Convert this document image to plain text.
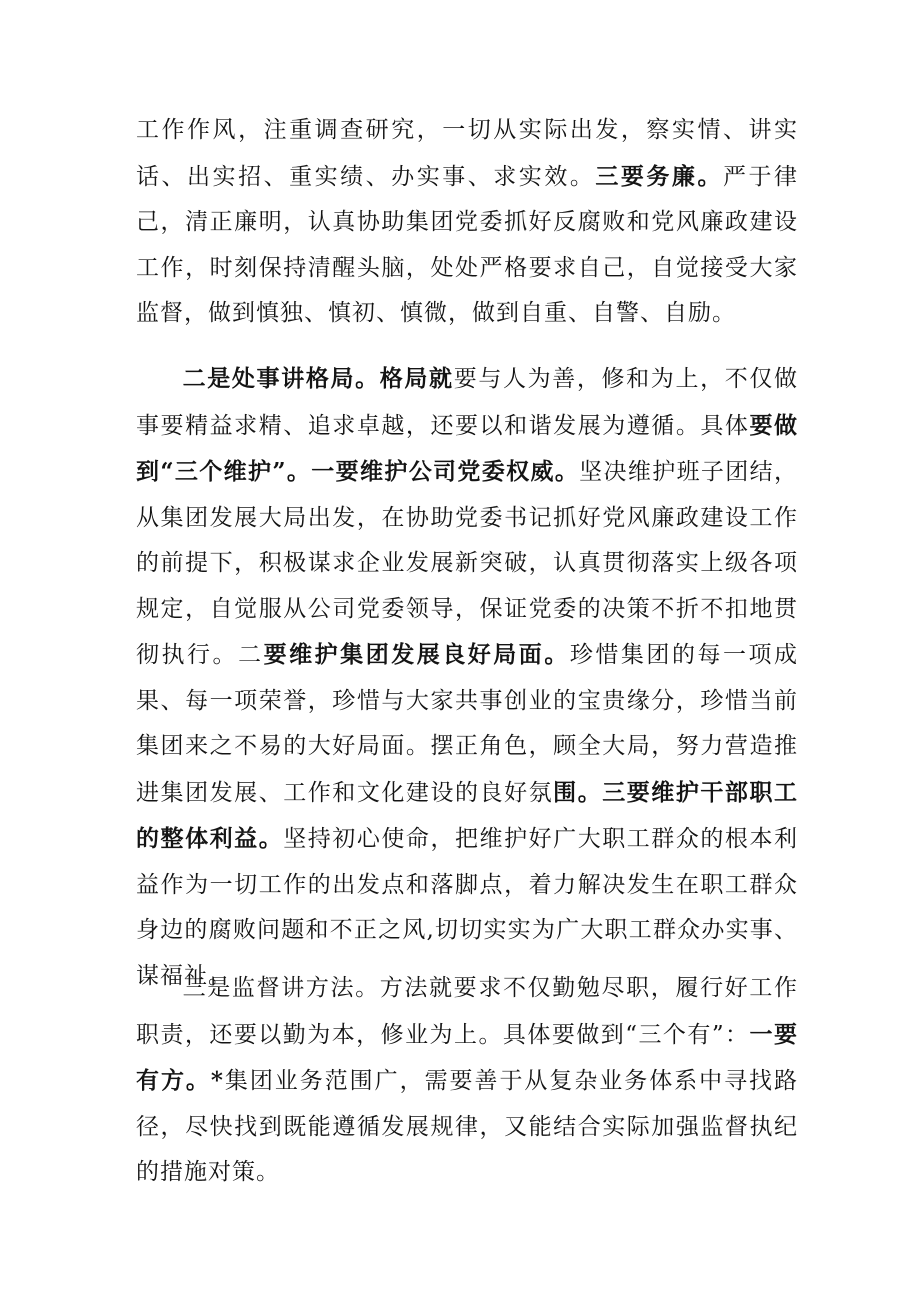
工作作风，注重调查研究，一切从实际出发，察实情、讲实话、出实招、重实绩、办实事、求实效。三要务廉。严于律己，清正廉明，认真协助集团党委抓好反腐败和党风廉政建设工作，时刻保持清醒头脑，处处严格要求自己，自觉接受大家监督，做到慎独、慎初、慎微，做到自重、自警、自励。

二是处事讲格局。格局就要与人为善，修和为上，不仅做事要精益求精、追求卓越，还要以和谐发展为遵循。具体要做到“三个维护”。一要维护公司党委权威。坚决维护班子团结，从集团发展大局出发，在协助党委书记抓好党风廉政建设工作的前提下，积极谋求企业发展新突破，认真贯彻落实上级各项规定，自觉服从公司党委领导，保证党委的决策不折不扣地贯彻执行。二要维护集团发展良好局面。珍惜集团的每一项成果、每一项荣誉，珍惜与大家共事创业的宝贵缘分，珍惜当前集团来之不易的大好局面。摆正角色，顾全大局，努力营造推进集团发展、工作和文化建设的良好氛围。三要维护干部职工的整体利益。坚持初心使命，把维护好广大职工群众的根本利益作为一切工作的出发点和落脚点，着力解决发生在职工群众身边的腐败问题和不正之风,切切实实为广大职工群众办实事、谋福祉。

三是监督讲方法。方法就要求不仅勤勉尽职，履行好工作职责，还要以勤为本，修业为上。具体要做到“三个有”：一要有方。*集团业务范围广，需要善于从复杂业务体系中寻找路径，尽快找到既能遵循发展规律，又能结合实际加强监督执纪的措施对策。
